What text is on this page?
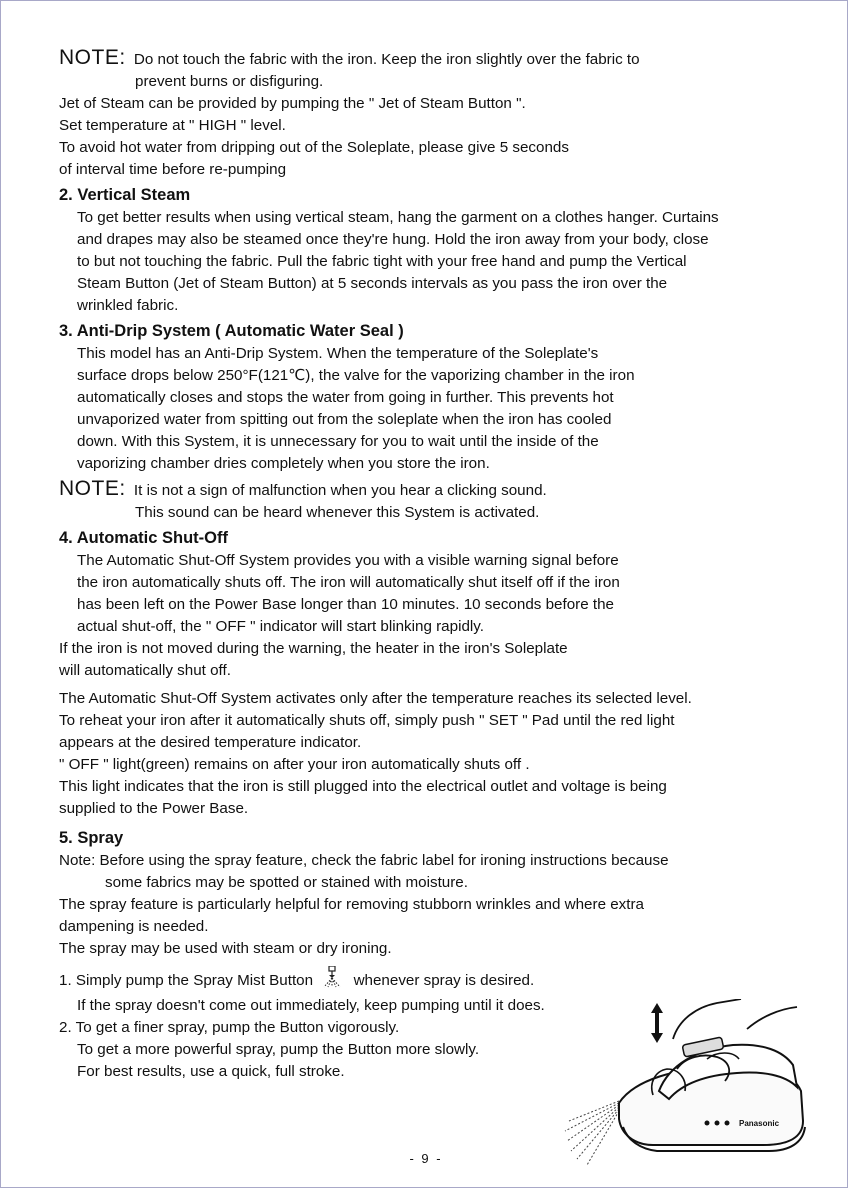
NOTE: Do not touch the fabric with the iron. Keep the iron slightly over the fabric to
prevent burns or disfiguring.
Jet of Steam can be provided by pumping the " Jet of Steam Button ".
Set temperature at " HIGH " level.
To avoid hot water from dripping out of the Soleplate, please give 5 seconds
of interval time before re-pumping
2. Vertical Steam
To get better results when using vertical steam, hang the garment on a clothes hanger. Curtains
and drapes may also be steamed once they're hung. Hold the iron away from your body, close
to but not touching the fabric. Pull the fabric tight with your free hand and pump the Vertical
Steam Button (Jet of Steam Button) at 5 seconds intervals as you pass the iron over the
wrinkled fabric.
3. Anti-Drip System ( Automatic Water Seal )
This model has an Anti-Drip System. When the temperature of the Soleplate's
surface drops below 250°F(121℃), the valve for the vaporizing chamber in the iron
automatically closes and stops the water from going in further. This prevents hot
unvaporized water from spitting out from the soleplate when the iron has cooled
down. With this System, it is unnecessary for you to wait until the inside of the
vaporizing chamber dries completely when you store the iron.
NOTE: It is not a sign of malfunction when you hear a clicking sound.
This sound can be heard whenever this System is activated.
4. Automatic Shut-Off
The Automatic Shut-Off System provides you with a visible warning signal before
the iron automatically shuts off. The iron will automatically shut itself off if the iron
has been left on the Power Base longer than 10 minutes. 10 seconds before the
actual shut-off, the " OFF " indicator will start blinking rapidly.
If the iron is not moved during the warning, the heater in the iron's Soleplate
will automatically shut off.
The Automatic Shut-Off System activates only after the temperature reaches its selected level.
To reheat your iron after it automatically shuts off, simply push " SET " Pad until the red light
appears at the desired temperature indicator.
" OFF " light(green) remains on after your iron automatically shuts off .
This light indicates that the iron is still plugged into the electrical outlet and voltage is being
supplied to the Power Base.
5. Spray
Note: Before using the spray feature, check the fabric label for ironing instructions because
some fabrics may be spotted or stained with moisture.
The spray feature is particularly helpful for removing stubborn wrinkles and where extra
dampening is needed.
The spray may be used with steam or dry ironing.
1. Simply pump the Spray Mist Button	whenever spray is desired.
If the spray doesn't come out immediately, keep pumping until it does.
2. To get a finer spray, pump the Button vigorously.
To get a more powerful spray, pump the Button more slowly.
For best results, use a quick, full stroke.
Panasonic
- 9 -
